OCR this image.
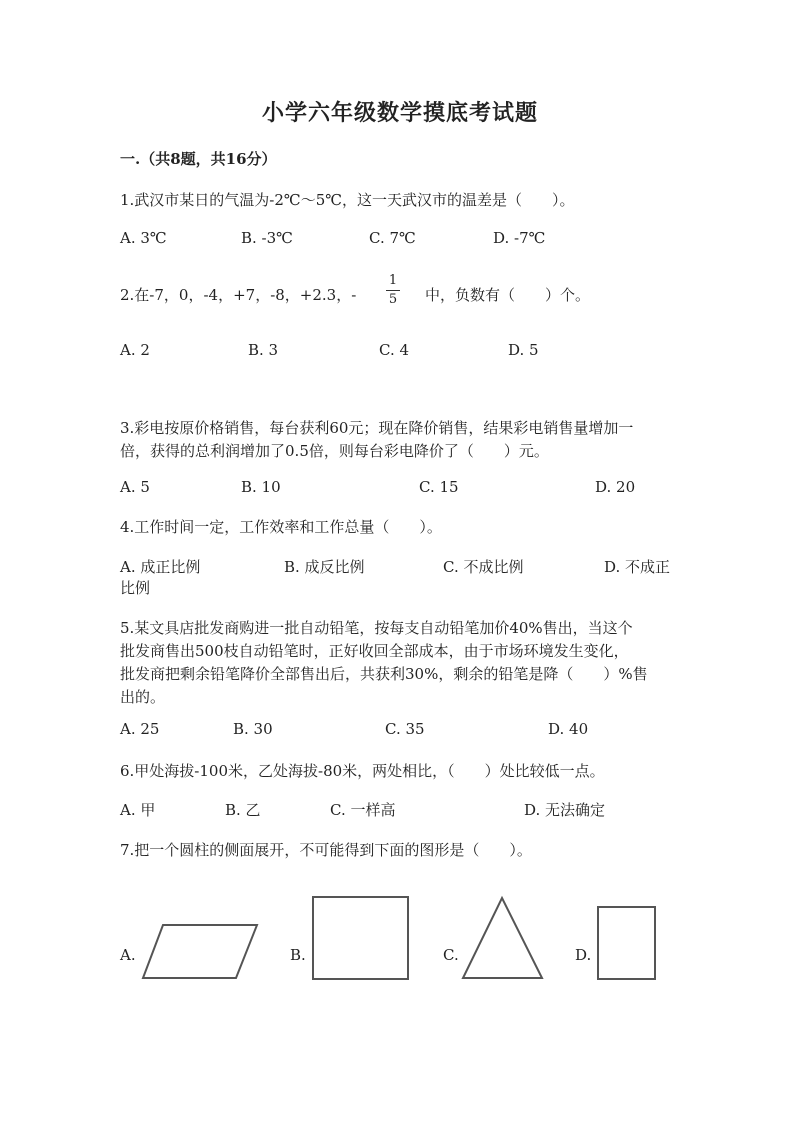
小学六年级数学摸底考试题
一.（共8题，共16分）
1.武汉市某日的气温为-2℃～5℃，这一天武汉市的温差是（　　）。
A. 3℃	B. -3℃	C. 7℃	D. -7℃
2.在-7，0，-4，+7，-8，+2.3，-
1
5 中，负数有（　　）个。
A. 2	B. 3	C. 4	D. 5
3.彩电按原价格销售，每台获利60元；现在降价销售，结果彩电销售量增加一
倍，获得的总利润增加了0.5倍，则每台彩电降价了（　　）元。
A. 5	B. 10	C. 15	D. 20
4.工作时间一定，工作效率和工作总量（　　）。
A. 成正比例	B. 成反比例	C. 不成比例	D. 不成正
比例
5.某文具店批发商购进一批自动铅笔，按每支自动铅笔加价40%售出，当这个
批发商售出500枝自动铅笔时，正好收回全部成本，由于市场环境发生变化，
批发商把剩余铅笔降价全部售出后，共获利30%，剩余的铅笔是降（　　）%售
出的。
A. 25	B. 30	C. 35	D. 40
6.甲处海拔-100米，乙处海拔-80米，两处相比，（　　）处比较低一点。
A. 甲	B. 乙	C. 一样高	D. 无法确定
7.把一个圆柱的侧面展开，不可能得到下面的图形是（　　）。
A.	B.	C.	D.
